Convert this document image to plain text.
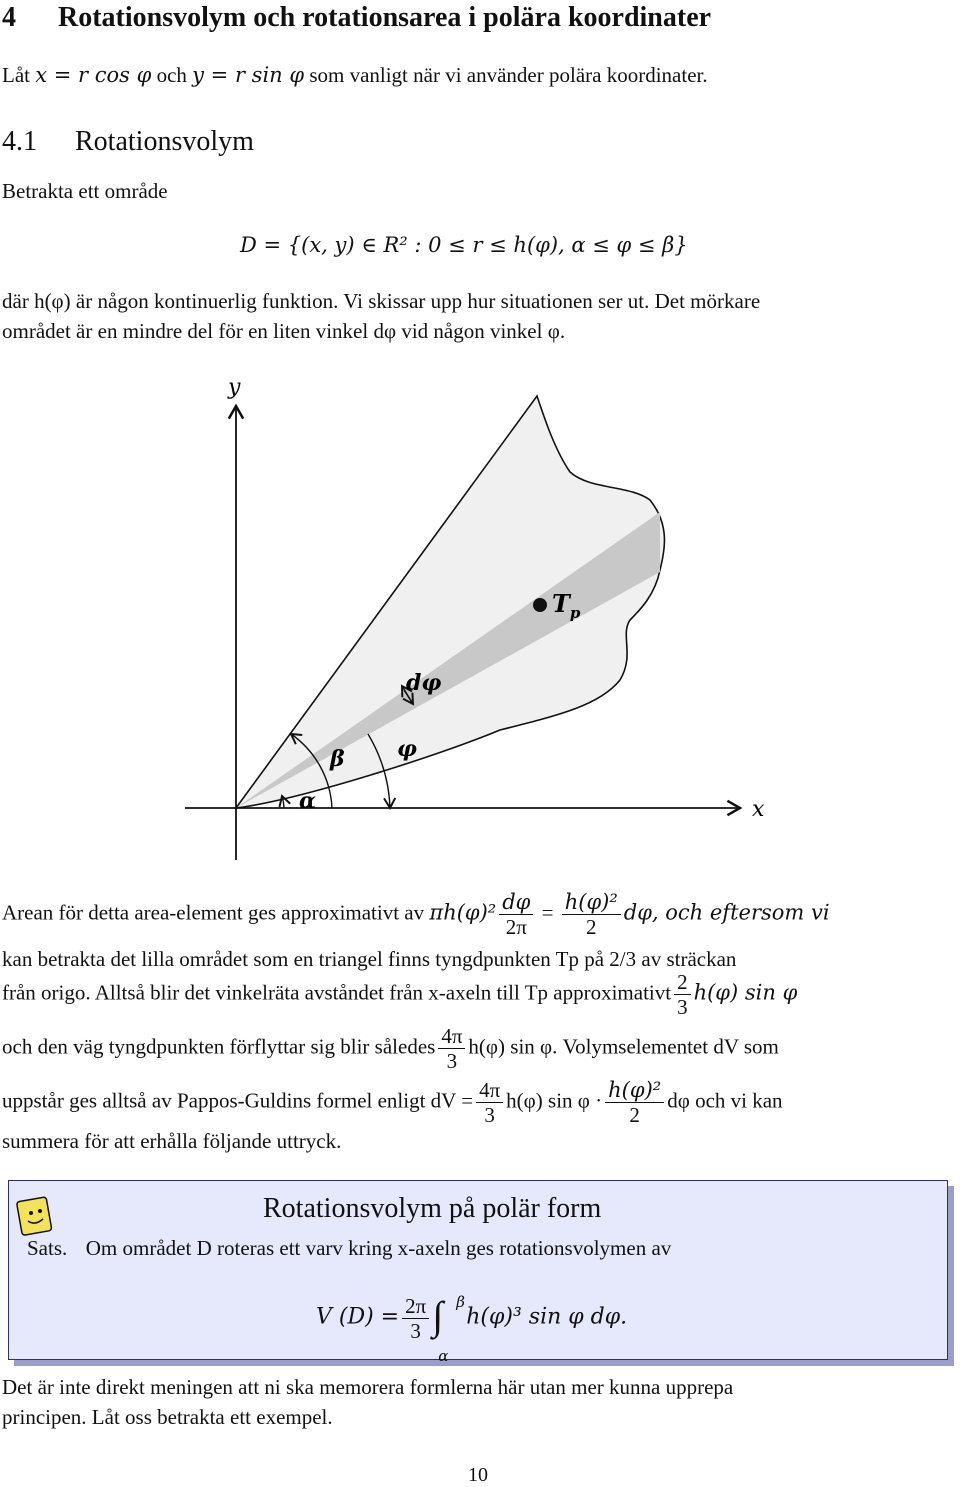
4 Rotationsvolym och rotationsarea i polära koordinater
Låt x = r cos φ och y = r sin φ som vanligt när vi använder polära koordinater.
4.1 Rotationsvolym
Betrakta ett område
D = {(x, y) ∈ R² : 0 ≤ r ≤ h(φ), α ≤ φ ≤ β}
där h(φ) är någon kontinuerlig funktion. Vi skissar upp hur situationen ser ut. Det mörkare
området är en mindre del för en liten vinkel dφ vid någon vinkel φ.
y
x
$T_p$
dφ
β φ
α
Arean för detta area-element ges approximativt av $\pi h(\varphi)^2 \frac{d\varphi}{2\pi} = \frac{\text{h(φ)²}}{2} d\varphi$, och eftersom vi
kan betrakta det lilla området som en triangel finns tyngdpunkten Tp på 2/3 av sträckan
från origo. Alltså blir det vinkelräta avståndet från x-axeln till Tp approximativt $\frac{2}{3} h(\varphi)$ sin φ
och den väg tyngdpunkten förflyttar sig blir således $\frac{4\pi}{3} h(\varphi)$ sin φ. Volymselementet dV som
uppstår ges alltså av Pappos-Guldins formel enligt dV = $\frac{4\pi}{3} h(\varphi)$ $\sin \varphi \cdot \frac{\text{h(φ)²}}{2}$ dφ och vi kan
summera för att erhålla följande uttryck.
Rotationsvolym på polär form
Sats. Om området D roteras ett varv kring x-axeln ges rotationsvolymen av
V $(D) = \frac{2\pi}{3}$ ∫ β
α
h(φ)³ sin φ dφ.
Det är inte direkt meningen att ni ska memorera formlerna här utan mer kunna upprepa
principen. Låt oss betrakta ett exempel.
10
